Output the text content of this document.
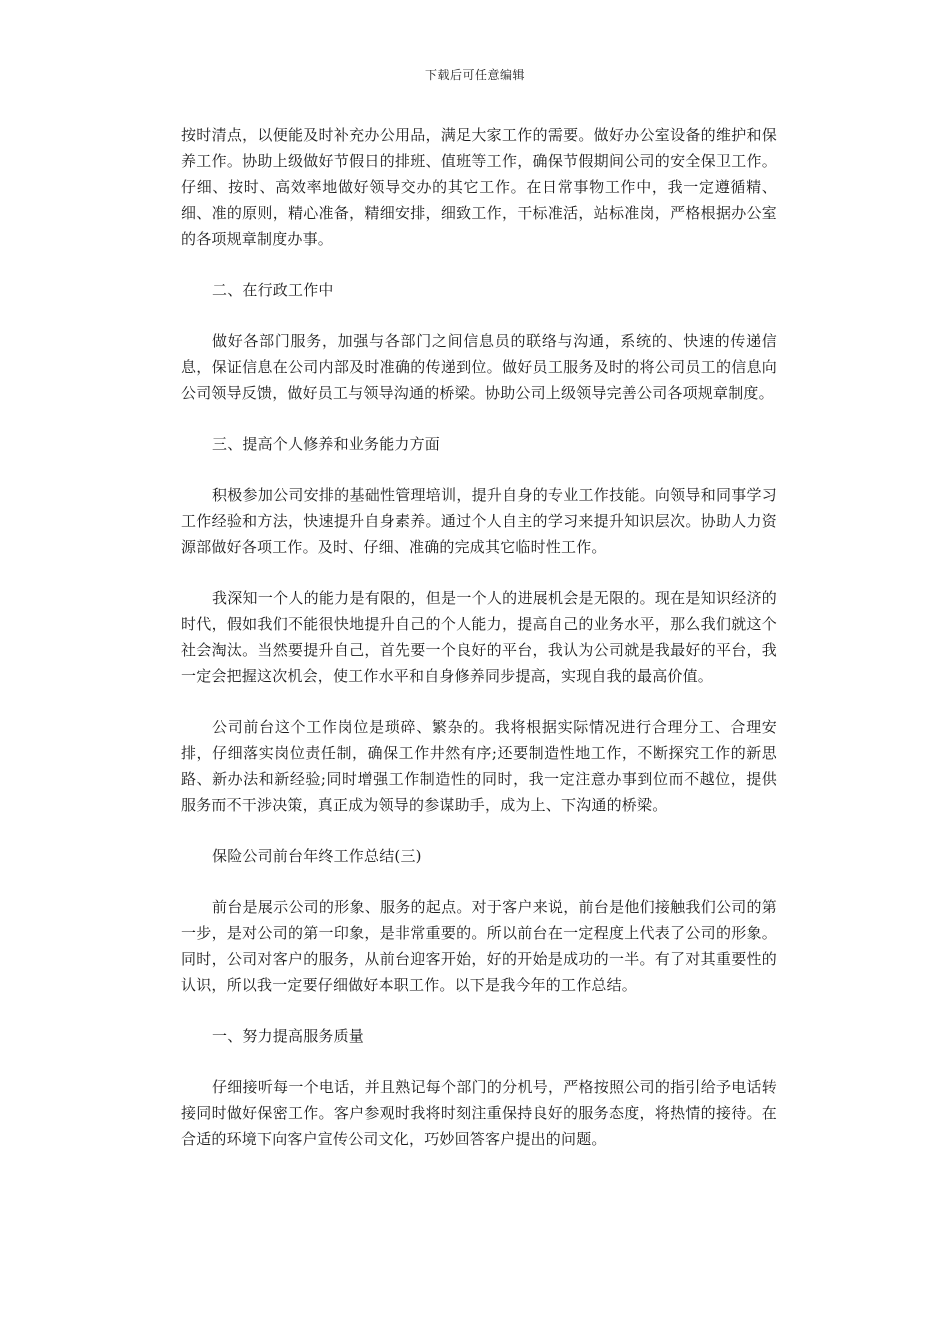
下载后可任意编辑

按时清点，以便能及时补充办公用品，满足大家工作的需要。做好办公室设备的维护和保养工作。协助上级做好节假日的排班、值班等工作，确保节假期间公司的安全保卫工作。仔细、按时、高效率地做好领导交办的其它工作。在日常事物工作中，我一定遵循精、细、准的原则，精心准备，精细安排，细致工作，干标准活，站标准岗，严格根据办公室的各项规章制度办事。

二、在行政工作中

做好各部门服务，加强与各部门之间信息员的联络与沟通，系统的、快速的传递信息，保证信息在公司内部及时准确的传递到位。做好员工服务及时的将公司员工的信息向公司领导反馈，做好员工与领导沟通的桥梁。协助公司上级领导完善公司各项规章制度。

三、提高个人修养和业务能力方面

积极参加公司安排的基础性管理培训，提升自身的专业工作技能。向领导和同事学习工作经验和方法，快速提升自身素养。通过个人自主的学习来提升知识层次。协助人力资源部做好各项工作。及时、仔细、准确的完成其它临时性工作。

我深知一个人的能力是有限的，但是一个人的进展机会是无限的。现在是知识经济的时代，假如我们不能很快地提升自己的个人能力，提高自己的业务水平，那么我们就这个社会淘汰。当然要提升自己，首先要一个良好的平台，我认为公司就是我最好的平台，我一定会把握这次机会，使工作水平和自身修养同步提高，实现自我的最高价值。

公司前台这个工作岗位是琐碎、繁杂的。我将根据实际情况进行合理分工、合理安排，仔细落实岗位责任制，确保工作井然有序;还要制造性地工作，不断探究工作的新思路、新办法和新经验;同时增强工作制造性的同时，我一定注意办事到位而不越位，提供服务而不干涉决策，真正成为领导的参谋助手，成为上、下沟通的桥梁。

保险公司前台年终工作总结(三)

前台是展示公司的形象、服务的起点。对于客户来说，前台是他们接触我们公司的第一步，是对公司的第一印象，是非常重要的。所以前台在一定程度上代表了公司的形象。同时，公司对客户的服务，从前台迎客开始，好的开始是成功的一半。有了对其重要性的认识，所以我一定要仔细做好本职工作。以下是我今年的工作总结。

一、努力提高服务质量

仔细接听每一个电话，并且熟记每个部门的分机号，严格按照公司的指引给予电话转接同时做好保密工作。客户参观时我将时刻注重保持良好的服务态度，将热情的接待。在合适的环境下向客户宣传公司文化，巧妙回答客户提出的问题。
